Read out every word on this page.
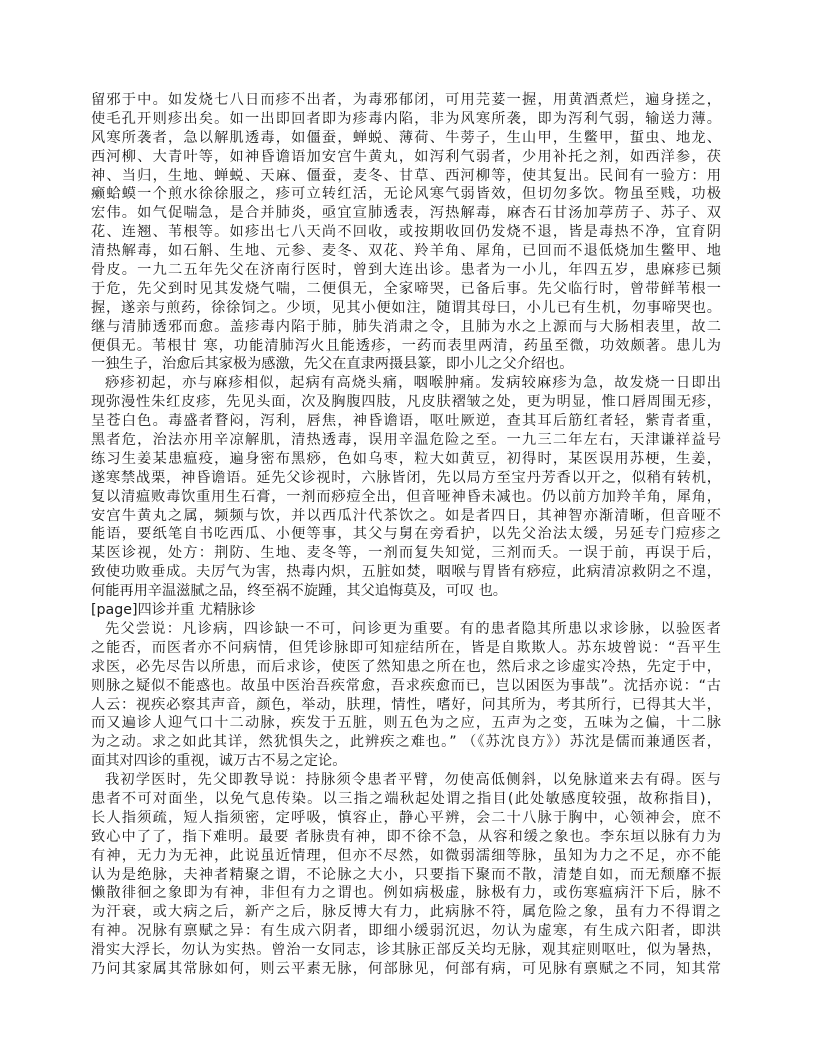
留邪于中。如发烧七八日而疹不出者，为毒邪郁闭，可用芫荽一握，用黄酒煮烂，遍身搓之，
使毛孔开则疹出矣。如一出即回者即为疹毒内陷，非为风寒所袭，即为泻利气弱，输送力薄。
风寒所袭者，急以解肌透毒，如僵蚕，蝉蜕、薄荷、牛蒡子，生山甲，生鳖甲，蜇虫、地龙、
西河柳、大青叶等，如神昏谵语加安宫牛黄丸，如泻利气弱者，少用补托之剂，如西洋参，茯
神、当归，生地、蝉蜕、天麻、僵蚕，麦冬、甘草、西河柳等，使其复出。民间有一验方：用
癞蛤蟆一个煎水徐徐服之，疹可立转红活，无论风寒气弱皆效，但切勿多饮。物虽至贱，功极
宏伟。如气促喘急，是合并肺炎，亟宜宣肺透表，泻热解毒，麻杏石甘汤加葶苈子、苏子、双
花、连翘、苇根等。如疹出七八天尚不回收，或按期收回仍发烧不退，皆是毒热不净，宜育阴
清热解毒，如石斛、生地、元参、麦冬、双花、羚羊角、犀角，已回而不退低烧加生鳖甲、地
骨皮。一九二五年先父在济南行医时，曾到大连出诊。患者为一小儿，年四五岁，患麻疹已频
于危，先父到时见其发烧气喘，二便俱无，全家啼哭，已备后事。先父临行时，曾带鲜苇根一
握，遂亲与煎药，徐徐饲之。少顷，见其小便如注，随谓其母曰，小儿已有生机，勿事啼哭也。
继与清肺透邪而愈。盖疹毒内陷于肺，肺失消肃之令，且肺为水之上源而与大肠相表里，故二
便俱无。苇根甘 寒，功能清肺泻火且能透疹，一药而表里两清，药虽至微，功效颇著。患儿为
一独生子，治愈后其家极为感激，先父在直隶两摄县篆，即小儿之父介绍也。
痧疹初起，亦与麻疹相似，起病有高烧头痛，咽喉肿痛。发病较麻疹为急，故发烧一日即出
现弥漫性朱红皮疹，先见头面，次及胸腹四肢，凡皮肤褶皱之处，更为明显，惟口唇周围无疹，
呈苍白色。毒盛者瞀闷，泻利，唇焦，神昏谵语，呕吐厥逆，查其耳后筋红者轻，紫青者重，
黑者危，治法亦用辛凉解肌，清热透毒，误用辛温危险之至。一九三二年左右，天津谦祥益号
练习生姜某患瘟疫，遍身密布黑痧，色如乌枣，粒大如黄豆，初得时，某医误用苏梗，生姜，
遂寒禁战栗，神昏谵语。延先父诊视时，六脉皆闭，先以局方至宝丹芳香以开之，似稍有转机，
复以清瘟败毒饮重用生石膏，一剂而痧痘全出，但音哑神昏未减也。仍以前方加羚羊角，犀角，
安宫牛黄丸之属，频频与饮，并以西瓜汁代茶饮之。如是者四日，其神智亦渐清晰，但音哑不
能语，要纸笔自书吃西瓜、小便等事，其父与舅在旁看护，以先父治法太缓，另延专门痘疹之
某医诊视，处方：荆防、生地、麦冬等，一剂而复失知觉，三剂而夭。一误于前，再误于后，
致使功败垂成。夫厉气为害，热毒内炽，五脏如焚，咽喉与胃皆有痧痘，此病清凉救阴之不遑，
何能再用辛温滋腻之品，终至祸不旋踵，其父追悔莫及，可叹 也。
[page]四诊并重 尤精脉诊
先父尝说：凡诊病，四诊缺一不可，问诊更为重要。有的患者隐其所患以求诊脉，以验医者
之能否，而医者亦不问病情，但凭诊脉即可知症结所在，皆是自欺欺人。苏东坡曾说：“吾平生
求医，必先尽告以所患，而后求诊，使医了然知患之所在也，然后求之诊虚实冷热，先定于中，
则脉之疑似不能惑也。故虽中医治吾疾常愈，吾求疾愈而已，岂以困医为事哉”。沈括亦说：“古
人云：视疾必察其声音，颜色，举动，肤理，情性，嗜好，问其所为，考其所行，已得其大半，
而又遍诊人迎气口十二动脉，疾发于五脏，则五色为之应，五声为之变，五味为之偏，十二脉
为之动。求之如此其详，然犹惧失之，此辨疾之难也。” （《苏沈良方》）苏沈是儒而兼通医者，
面其对四诊的重视，诚万古不易之定论。
我初学医时，先父即教导说：持脉须令患者平臂，勿使高低侧斜，以免脉道来去有碍。医与
患者不可对面坐，以免气息传染。以三指之端秋起处谓之指目(此处敏感度较强，故称指目)，
长人指须疏，短人指须密，定呼吸，慎容止，静心平辨，会二十八脉于胸中，心领神会，庶不
致心中了了，指下难明。最要 者脉贵有神，即不徐不急，从容和缓之象也。李东垣以脉有力为
有神，无力为无神，此说虽近情理，但亦不尽然，如微弱濡细等脉，虽知为力之不足，亦不能
认为是绝脉，夫神者精聚之谓，不论脉之大小，只要指下聚而不散，清楚自如，而无颓靡不振
懒散徘徊之象即为有神，非但有力之谓也。例如病极虚，脉极有力，或伤寒瘟病汗下后，脉不
为汗衰，或大病之后，新产之后，脉反博大有力，此病脉不符，属危险之象，虽有力不得谓之
有神。况脉有禀赋之异：有生成六阴者，即细小缓弱沉迟，勿认为虚寒，有生成六阳者，即洪
滑实大浮长，勿认为实热。曾治一女同志，诊其脉正部反关均无脉，观其症则呕吐，似为暑热，
乃问其家属其常脉如何，则云平素无脉，何部脉见，何部有病，可见脉有禀赋之不同，知其常
